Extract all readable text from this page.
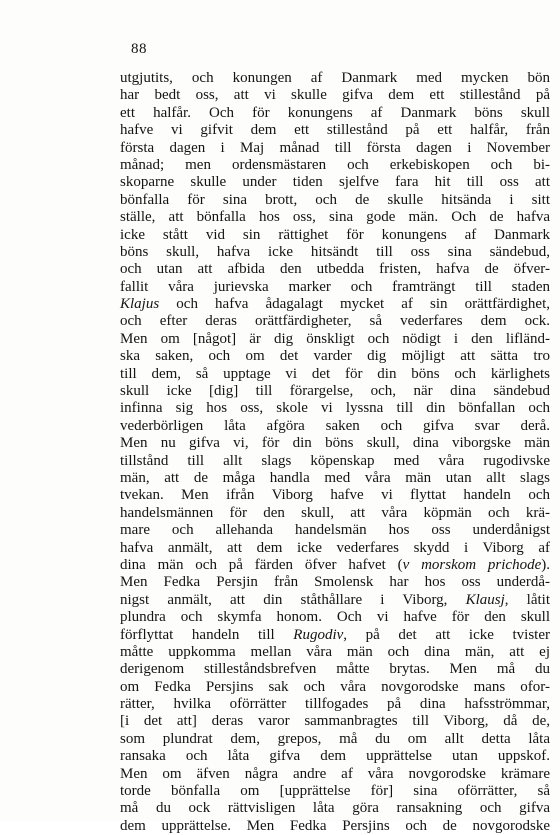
88
utgjutits, och konungen af Danmark med mycken bön
har bedt oss, att vi skulle gifva dem ett stillestånd på
ett halfår. Och för konungens af Danmark böns skull
hafve vi gifvit dem ett stillestånd på ett halfår, från
första dagen i Maj månad till första dagen i November
månad; men ordensmästaren och erkebiskopen och bi-
skoparne skulle under tiden sjelfve fara hit till oss att
bönfalla för sina brott, och de skulle hitsända i sitt
ställe, att bönfalla hos oss, sina gode män. Och de hafva
icke stått vid sin rättighet för konungens af Danmark
böns skull, hafva icke hitsändt till oss sina sändebud,
och utan att afbida den utbedda fristen, hafva de öfver-
fallit våra jurievska marker och framträngt till staden
Klajus och hafva ådagalagt mycket af sin orättfärdighet,
och efter deras orättfärdigheter, så vederfares dem ock.
Men om [något] är dig önskligt och nödigt i den lifländ-
ska saken, och om det varder dig möjligt att sätta tro
till dem, så upptage vi det för din böns och kärlighets
skull icke [dig] till förargelse, och, när dina sändebud
infinna sig hos oss, skole vi lyssna till din bönfallan och
vederbörligen låta afgöra saken och gifva svar derå.
Men nu gifva vi, för din böns skull, dina viborgske män
tillstånd till allt slags köpenskap med våra rugodivske
män, att de måga handla med våra män utan allt slags
tvekan. Men ifrån Viborg hafve vi flyttat handeln och
handelsmännen för den skull, att våra köpmän och krä-
mare och allehanda handelsmän hos oss underdånigst
hafva anmält, att dem icke vederfares skydd i Viborg af
dina män och på färden öfver hafvet (v morskom prichode).
Men Fedka Persjin från Smolensk har hos oss underdå-
nigst anmält, att din ståthållare i Viborg, Klausj, låtit
plundra och skymfa honom. Och vi hafve för den skull
förflyttat handeln till Rugodiv, på det att icke tvister
måtte uppkomma mellan våra män och dina män, att ej
derigenom stilleståndsbrefven måtte brytas. Men må du
om Fedka Persjins sak och våra novgorodske mans ofor-
rätter, hvilka oförrätter tillfogades på dina hafsströmmar,
[i det att] deras varor sammanbragtes till Viborg, då de,
som plundrat dem, grepos, må du om allt detta låta
ransaka och låta gifva dem upprättelse utan uppskof.
Men om äfven några andre af våra novgorodske krämare
torde bönfalla om [upprättelse för] sina oförrätter, så
må du ock rättvisligen låta göra ransakning och gifva
dem upprättelse. Men Fedka Persjins och de novgorodske
